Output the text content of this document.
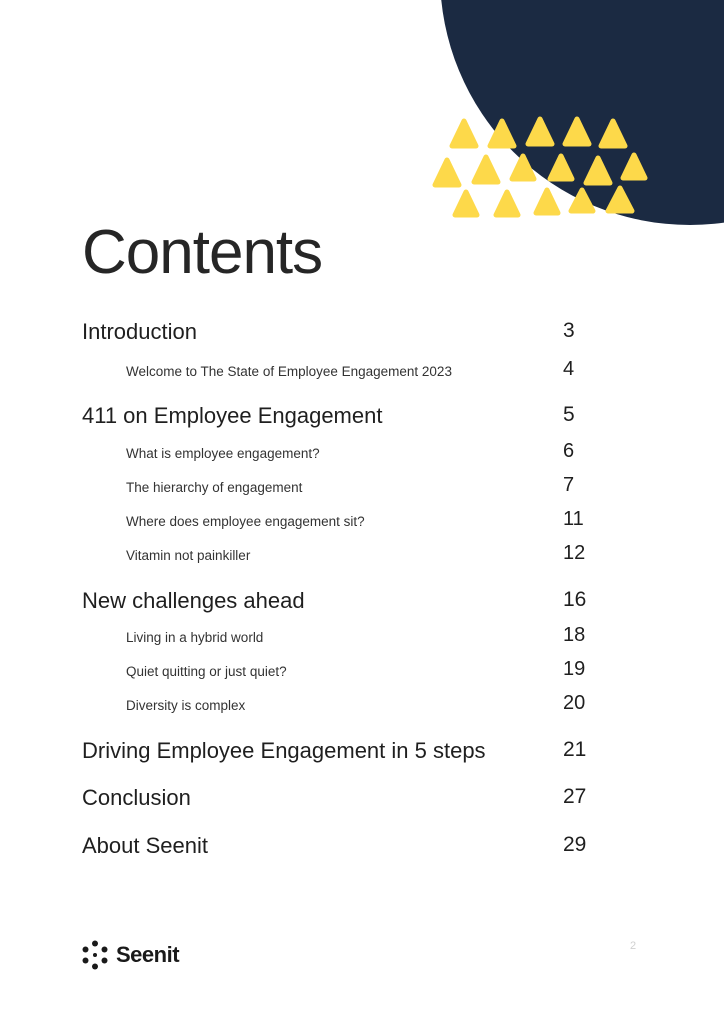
Contents
Introduction	3
Welcome to The State of Employee Engagement 2023	4
411 on Employee Engagement	5
What is employee engagement?	6
The hierarchy of engagement	7
Where does employee engagement sit?	11
Vitamin not painkiller	12
New challenges ahead	16
Living in a hybrid world	18
Quiet quitting or just quiet?	19
Diversity is complex	20
Driving Employee Engagement in 5 steps	21
Conclusion	27
About Seenit	29
Seenit	2
